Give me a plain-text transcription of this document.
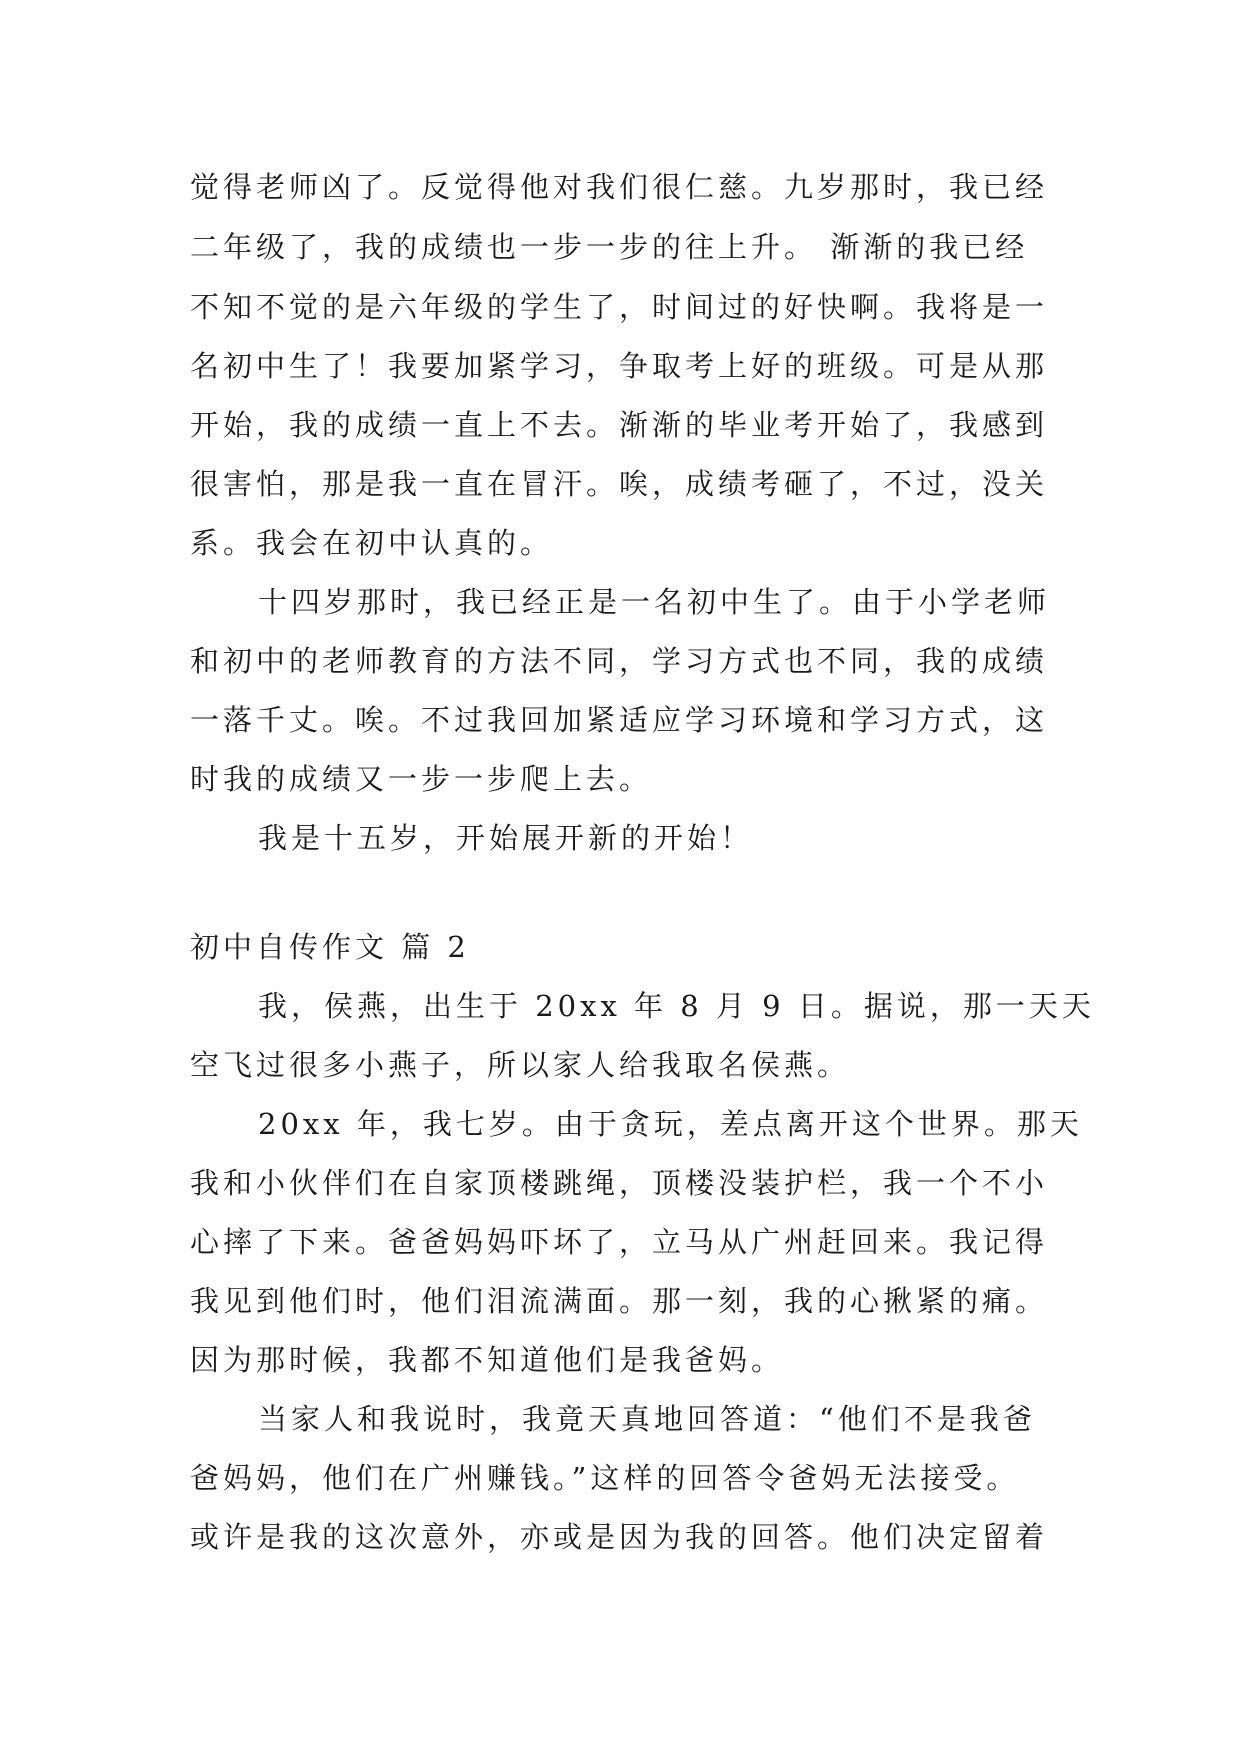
觉得老师凶了。反觉得他对我们很仁慈。九岁那时，我已经
二年级了，我的成绩也一步一步的往上升。 渐渐的我已经
不知不觉的是六年级的学生了，时间过的好快啊。我将是一
名初中生了！我要加紧学习，争取考上好的班级。可是从那
开始，我的成绩一直上不去。渐渐的毕业考开始了，我感到
很害怕，那是我一直在冒汗。唉，成绩考砸了，不过，没关
系。我会在初中认真的。
十四岁那时，我已经正是一名初中生了。由于小学老师
和初中的老师教育的方法不同，学习方式也不同，我的成绩
一落千丈。唉。不过我回加紧适应学习环境和学习方式，这
时我的成绩又一步一步爬上去。
我是十五岁，开始展开新的开始！
初中自传作文 篇 2
我，侯燕，出生于 20xx 年 8 月 9 日。据说，那一天天
空飞过很多小燕子，所以家人给我取名侯燕。
20xx 年，我七岁。由于贪玩，差点离开这个世界。那天
我和小伙伴们在自家顶楼跳绳，顶楼没装护栏，我一个不小
心摔了下来。爸爸妈妈吓坏了，立马从广州赶回来。我记得
我见到他们时，他们泪流满面。那一刻，我的心揪紧的痛。
因为那时候，我都不知道他们是我爸妈。
当家人和我说时，我竟天真地回答道：“他们不是我爸
爸妈妈，他们在广州赚钱。”这样的回答令爸妈无法接受。
或许是我的这次意外，亦或是因为我的回答。他们决定留着
